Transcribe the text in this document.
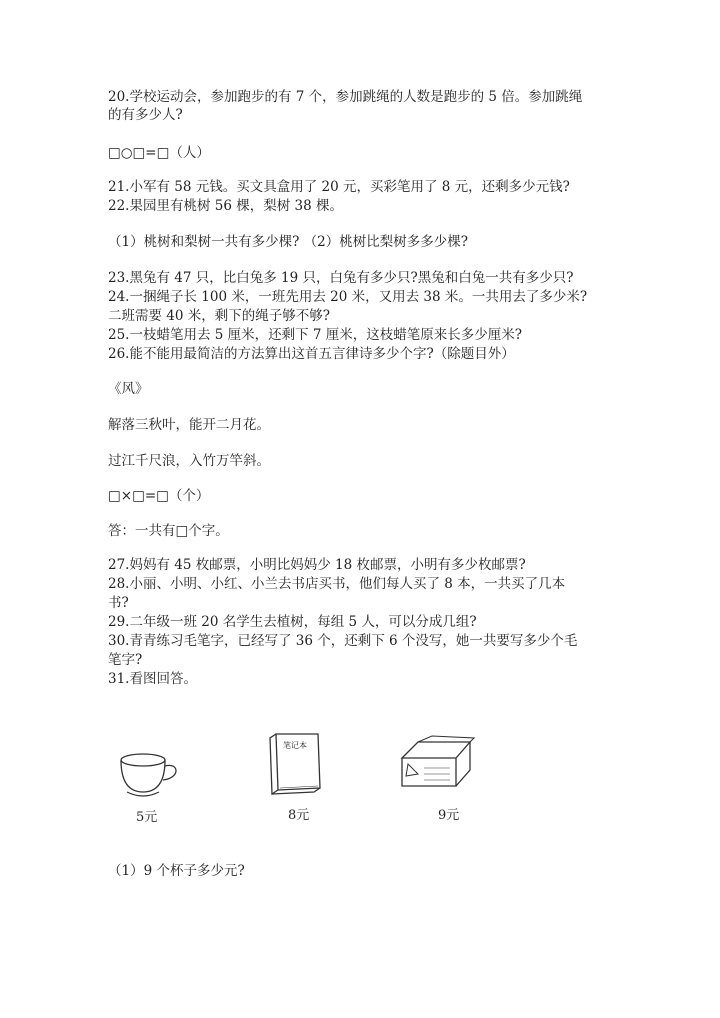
20.学校运动会，参加跑步的有 7 个，参加跳绳的人数是跑步的 5 倍。参加跳绳
的有多少人?
□○□=□（人）
21.小军有 58 元钱。买文具盒用了 20 元，买彩笔用了 8 元，还剩多少元钱?
22.果园里有桃树 56 棵，梨树 38 棵。
（1）桃树和梨树一共有多少棵? （2）桃树比梨树多多少棵?
23.黑兔有 47 只，比白兔多 19 只，白兔有多少只?黑兔和白兔一共有多少只?
24.一捆绳子长 100 米，一班先用去 20 米，又用去 38 米。一共用去了多少米?
二班需要 40 米，剩下的绳子够不够?
25.一枝蜡笔用去 5 厘米，还剩下 7 厘米，这枝蜡笔原来长多少厘米?
26.能不能用最简洁的方法算出这首五言律诗多少个字?（除题目外）
《风》
解落三秋叶，能开二月花。
过江千尺浪，入竹万竿斜。
□×□=□（个）
答：一共有□个字。
27.妈妈有 45 枚邮票，小明比妈妈少 18 枚邮票，小明有多少枚邮票?
28.小丽、小明、小红、小兰去书店买书，他们每人买了 8 本，一共买了几本
书?
29.二年级一班 20 名学生去植树，每组 5 人，可以分成几组?
30.青青练习毛笔字，已经写了 36 个，还剩下 6 个没写，她一共要写多少个毛
笔字?
31.看图回答。
5元
笔记本
8元	9元
（1）9 个杯子多少元?
